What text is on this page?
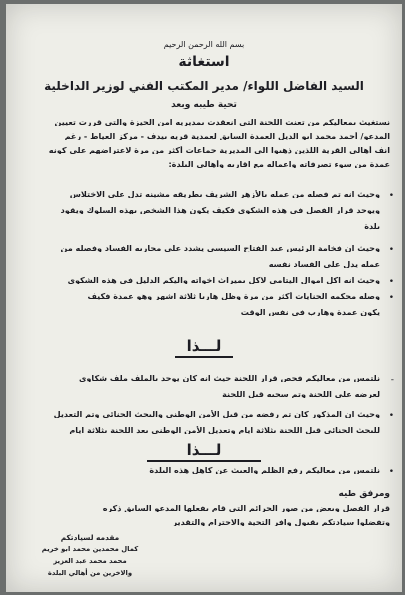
بسم الله الرحمن الرحيم
استغاثة
السيد الفاضل اللواء/ مدير المكتب الفني لوزير الداخلية
تحية طيبه وبعد
نستغيث بمعاليكم من تعنت اللجنة التي انعقدت بمديريه امن الجيزة والتي قررت تعيين
المدعو/ أحمد محمد ابو الديل العمدة السابق لعمدية قريه بيدف - مركز العياط - رغم
انف أهالي القرية اللذين ذهبوا الى المديرية جماعات أكثر من مرة لاعتراضهم على كونه
عمدة من سوء تصرفاته واعماله مع اقاربه وأهالي البلدة:
•
وحيث انه تم فصله من عمله بالأزهر الشريف بطريقه مشينه تدل على الاختلاس
ويوجد قرار الفصل في هذه الشكوى فكيف يكون هذا الشخص بهذه السلوك ويقود
بلدة
•
وحيث ان فخامة الرئيس عبد الفتاح السيسي يشدد على محاربه الفساد وفصله من
عمله يدل على الفساد نفسه
•
وحيث انه اكل اموال اليتامى لاكل بميراث اخواته واليكم الدليل في هذه الشكوى
•
وصله محكمه الجنايات أكثر من مرة وظل هاربا ثلاثة اشهر وهو عمدة فكيف
يكون عمدة وهارب في نفس الوقت
لـــذا
-
نلتمس من معاليكم فحص قرار اللجنة حيث انه كان يوجد بالملف ملف شكاوى
لعرضه على اللجنة وتم سحبه قبل اللجنة
•
وحيث ان المذكور كان تم رفضه من قبل الأمن الوطني والبحث الجنائي وتم التعديل
للبحث الجنائي قبل اللجنة بثلاثة ايام وتعديل الأمن الوطني بعد اللجنة بثلاثة ايام
لـــذا
•
نلتمس من معاليكم رفع الظلم والعبث عن كاهل هذه البلدة
ومرفق طيه
قرار الفصل وبعض من صور الجرائم التي قام بفعلها المدعو السابق ذكره
وتفضلوا سيادتكم بقبول وافر التحية والاحترام والتقدير
مقدمه لسيادتكم
كمال محمدين محمد ابو خريم
محمد محمد عبد العزيز
والاخرين من أهالي البلدة
